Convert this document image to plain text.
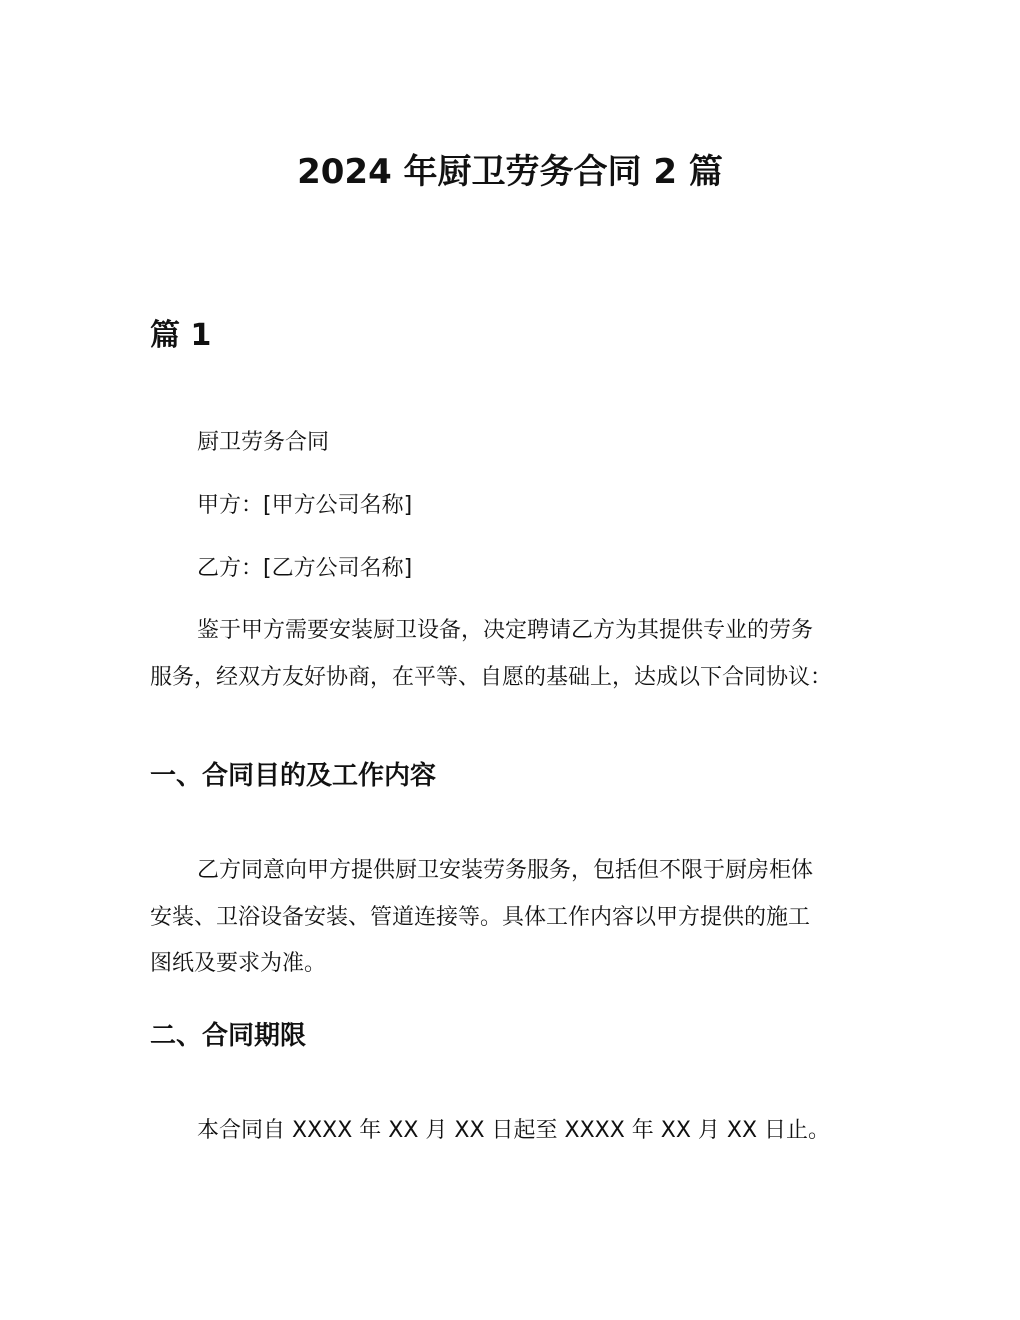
2024 年厨卫劳务合同 2 篇
篇 1
厨卫劳务合同
甲方：[甲方公司名称]
乙方：[乙方公司名称]
鉴于甲方需要安装厨卫设备，决定聘请乙方为其提供专业的劳务
服务，经双方友好协商，在平等、自愿的基础上，达成以下合同协议：
一、合同目的及工作内容
乙方同意向甲方提供厨卫安装劳务服务，包括但不限于厨房柜体
安装、卫浴设备安装、管道连接等。具体工作内容以甲方提供的施工
图纸及要求为准。
二、合同期限
本合同自 XXXX 年 XX 月 XX 日起至 XXXX 年 XX 月 XX 日止。
